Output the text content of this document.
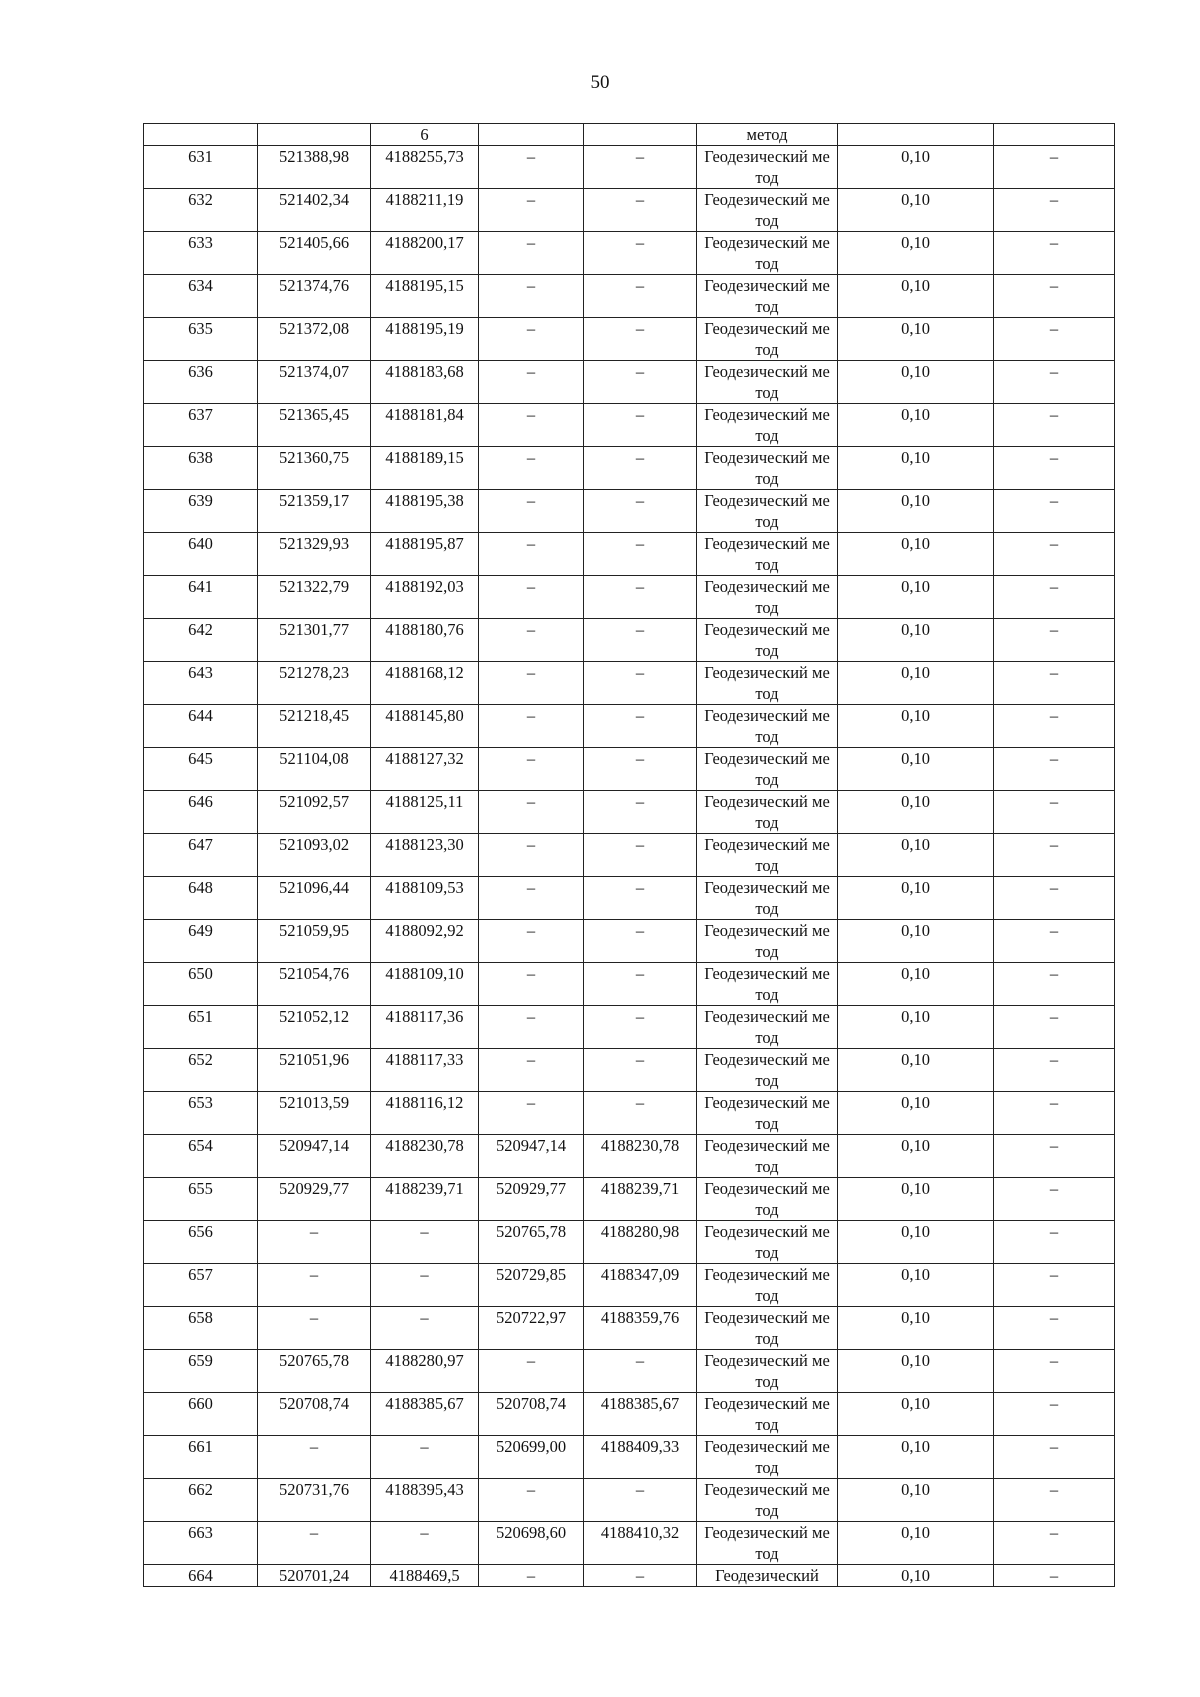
50
		6			метод		
631	521388,98	4188255,73	–	–	Геодезический метод	0,10	–
632	521402,34	4188211,19	–	–	Геодезический метод	0,10	–
633	521405,66	4188200,17	–	–	Геодезический метод	0,10	–
634	521374,76	4188195,15	–	–	Геодезический метод	0,10	–
635	521372,08	4188195,19	–	–	Геодезический метод	0,10	–
636	521374,07	4188183,68	–	–	Геодезический метод	0,10	–
637	521365,45	4188181,84	–	–	Геодезический метод	0,10	–
638	521360,75	4188189,15	–	–	Геодезический метод	0,10	–
639	521359,17	4188195,38	–	–	Геодезический метод	0,10	–
640	521329,93	4188195,87	–	–	Геодезический метод	0,10	–
641	521322,79	4188192,03	–	–	Геодезический метод	0,10	–
642	521301,77	4188180,76	–	–	Геодезический метод	0,10	–
643	521278,23	4188168,12	–	–	Геодезический метод	0,10	–
644	521218,45	4188145,80	–	–	Геодезический метод	0,10	–
645	521104,08	4188127,32	–	–	Геодезический метод	0,10	–
646	521092,57	4188125,11	–	–	Геодезический метод	0,10	–
647	521093,02	4188123,30	–	–	Геодезический метод	0,10	–
648	521096,44	4188109,53	–	–	Геодезический метод	0,10	–
649	521059,95	4188092,92	–	–	Геодезический метод	0,10	–
650	521054,76	4188109,10	–	–	Геодезический метод	0,10	–
651	521052,12	4188117,36	–	–	Геодезический метод	0,10	–
652	521051,96	4188117,33	–	–	Геодезический метод	0,10	–
653	521013,59	4188116,12	–	–	Геодезический метод	0,10	–
654	520947,14	4188230,78	520947,14	4188230,78	Геодезический метод	0,10	–
655	520929,77	4188239,71	520929,77	4188239,71	Геодезический метод	0,10	–
656	–	–	520765,78	4188280,98	Геодезический метод	0,10	–
657	–	–	520729,85	4188347,09	Геодезический метод	0,10	–
658	–	–	520722,97	4188359,76	Геодезический метод	0,10	–
659	520765,78	4188280,97	–	–	Геодезический метод	0,10	–
660	520708,74	4188385,67	520708,74	4188385,67	Геодезический метод	0,10	–
661	–	–	520699,00	4188409,33	Геодезический метод	0,10	–
662	520731,76	4188395,43	–	–	Геодезический метод	0,10	–
663	–	–	520698,60	4188410,32	Геодезический метод	0,10	–
664	520701,24	4188469,5	–	–	Геодезический	0,10	–
